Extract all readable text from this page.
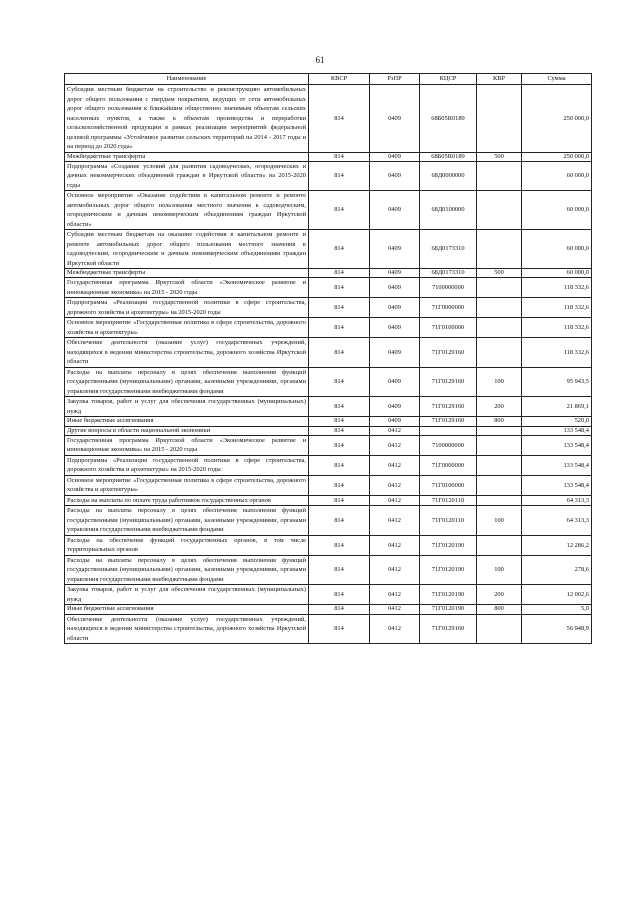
61
Наименование	КВСР	РзПР	КЦСР	КВР	Сумма
Субсидии местным бюджетам на строительство и реконструкцию автомобильных дорог общего пользования с твердым покрытием, ведущих от сети автомобильных дорог общего пользования к ближайшим общественно значимым объектам сельских населенных пунктов, а также к объектам производства и переработки сельскохозяйственной продукции в рамках реализации мероприятий федеральной целевой программы «Устойчивое развитие сельских территорий на 2014 - 2017 годы и на период до 2020 года»	814	0409	68Б05R0189		250 000,0
Межбюджетные трансферты	814	0409	68Б05R0189	500	250 000,0
Подпрограмма «Создание условий для развития садоводческих, огороднических и дачных некоммерческих объединений граждан в Иркутской области» на 2015-2020 годы	814	0409	68Д0000000		60 000,0
Основное мероприятие «Оказание содействия в капитальном ремонте и ремонте автомобильных дорог общего пользования местного значения к садоводческим, огородническим и дачным некоммерческим объединениям граждан Иркутской области»	814	0409	68Д0100000		60 000,0
Субсидии местным бюджетам на оказание содействия в капитальном ремонте и ремонте автомобильных дорог общего пользования местного значения к садоводческим, огородническим и дачным некоммерческим объединениям граждан Иркутской области	814	0409	68Д0173310		60 000,0
Межбюджетные трансферты	814	0409	68Д0173310	500	60 000,0
Государственная программа Иркутской области «Экономическое развитие и инновационная экономика» на 2015 - 2020 годы	814	0409	7100000000		118 332,6
Подпрограмма «Реализация государственной политики в сфере строительства, дорожного хозяйства и архитектуры» на 2015-2020 годы	814	0409	71Г0000000		118 332,6
Основное мероприятие «Государственная политика в сфере строительства, дорожного хозяйства и архитектуры»	814	0409	71Г0100000		118 332,6
Обеспечение деятельности (оказание услуг) государственных учреждений, находящихся в ведении министерства строительства, дорожного хозяйства Иркутской области	814	0409	71Г0129160		118 332,6
Расходы на выплаты персоналу в целях обеспечения выполнения функций государственными (муниципальными) органами, казенными учреждениями, органами управления государственными внебюджетными фондами	814	0409	71Г0129160	100	95 943,5
Закупка товаров, работ и услуг для обеспечения государственных (муниципальных) нужд	814	0409	71Г0129160	200	21 869,1
Иные бюджетные ассигнования	814	0409	71Г0129160	800	520,0
Другие вопросы в области национальной экономики	814	0412			133 548,4
Государственная программа Иркутской области «Экономическое развитие и инновационная экономика» на 2015 - 2020 годы	814	0412	7100000000		133 548,4
Подпрограмма «Реализация государственной политики в сфере строительства, дорожного хозяйства и архитектуры» на 2015-2020 годы	814	0412	71Г0000000		133 548,4
Основное мероприятие «Государственная политика в сфере строительства, дорожного хозяйства и архитектуры»	814	0412	71Г0100000		133 548,4
Расходы на выплаты по оплате труда работников государственных органов	814	0412	71Г0120110		64 313,3
Расходы на выплаты персоналу в целях обеспечения выполнения функций государственными (муниципальными) органами, казенными учреждениями, органами управления государственными внебюджетными фондами	814	0412	71Г0120110	100	64 313,3
Расходы на обеспечение функций государственных органов, в том числе территориальных органов	814	0412	71Г0120190		12 286,2
Расходы на выплаты персоналу в целях обеспечения выполнения функций государственными (муниципальными) органами, казенными учреждениями, органами управления государственными внебюджетными фондами	814	0412	71Г0120190	100	278,6
Закупка товаров, работ и услуг для обеспечения государственных (муниципальных) нужд	814	0412	71Г0120190	200	12 002,6
Иные бюджетные ассигнования	814	0412	71Г0120190	800	5,0
Обеспечение деятельности (оказание услуг) государственных учреждений, находящихся в ведении министерства строительства, дорожного хозяйства Иркутской области	814	0412	71Г0129160		56 948,9
